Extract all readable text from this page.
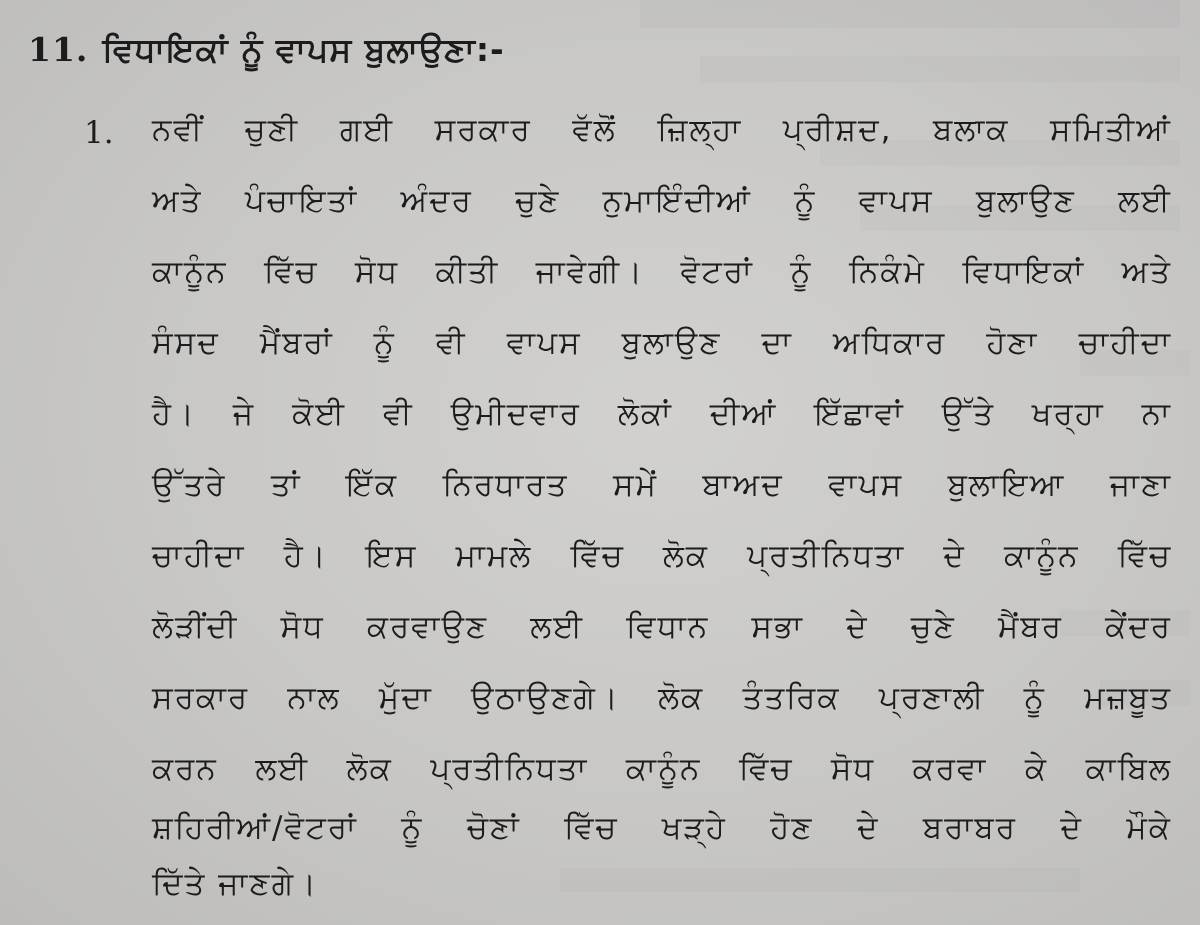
11. ਵਿਧਾਇਕਾਂ ਨੂੰ ਵਾਪਸ ਬੁਲਾਉਣਾ:-
1. ਨਵੀਂ ਚੁਣੀ ਗਈ ਸਰਕਾਰ ਵੱਲੋਂ ਜ਼ਿਲ੍ਹਾ ਪ੍ਰੀਸ਼ਦ, ਬਲਾਕ ਸਮਿਤੀਆਂ
ਅਤੇ ਪੰਚਾਇਤਾਂ ਅੰਦਰ ਚੁਣੇ ਨੁਮਾਇੰਦੀਆਂ ਨੂੰ ਵਾਪਸ ਬੁਲਾਉਣ ਲਈ
ਕਾਨੂੰਨ ਵਿੱਚ ਸੋਧ ਕੀਤੀ ਜਾਵੇਗੀ। ਵੋਟਰਾਂ ਨੂੰ ਨਿਕੰਮੇ ਵਿਧਾਇਕਾਂ ਅਤੇ
ਸੰਸਦ ਮੈਂਬਰਾਂ ਨੂੰ ਵੀ ਵਾਪਸ ਬੁਲਾਉਣ ਦਾ ਅਧਿਕਾਰ ਹੋਣਾ ਚਾਹੀਦਾ
ਹੈ। ਜੇ ਕੋਈ ਵੀ ਉਮੀਦਵਾਰ ਲੋਕਾਂ ਦੀਆਂ ਇੱਛਾਵਾਂ ਉੱਤੇ ਖਰ੍ਹਾ ਨਾ
ਉੱਤਰੇ ਤਾਂ ਇੱਕ ਨਿਰਧਾਰਤ ਸਮੇਂ ਬਾਅਦ ਵਾਪਸ ਬੁਲਾਇਆ ਜਾਣਾ
ਚਾਹੀਦਾ ਹੈ। ਇਸ ਮਾਮਲੇ ਵਿੱਚ ਲੋਕ ਪ੍ਰਤੀਨਿਧਤਾ ਦੇ ਕਾਨੂੰਨ ਵਿੱਚ
ਲੋੜੀਂਦੀ ਸੋਧ ਕਰਵਾਉਣ ਲਈ ਵਿਧਾਨ ਸਭਾ ਦੇ ਚੁਣੇ ਮੈਂਬਰ ਕੇਂਦਰ
ਸਰਕਾਰ ਨਾਲ ਮੁੱਦਾ ਉਠਾਉਣਗੇ। ਲੋਕ ਤੰਤਰਿਕ ਪ੍ਰਣਾਲੀ ਨੂੰ ਮਜ਼ਬੂਤ
ਕਰਨ ਲਈ ਲੋਕ ਪ੍ਰਤੀਨਿਧਤਾ ਕਾਨੂੰਨ ਵਿੱਚ ਸੋਧ ਕਰਵਾ ਕੇ ਕਾਬਿਲ
ਸ਼ਹਿਰੀਆਂ/ਵੋਟਰਾਂ ਨੂੰ ਚੋਣਾਂ ਵਿੱਚ ਖੜ੍ਹੇ ਹੋਣ ਦੇ ਬਰਾਬਰ ਦੇ ਮੌਕੇ
ਦਿੱਤੇ ਜਾਣਗੇ।
